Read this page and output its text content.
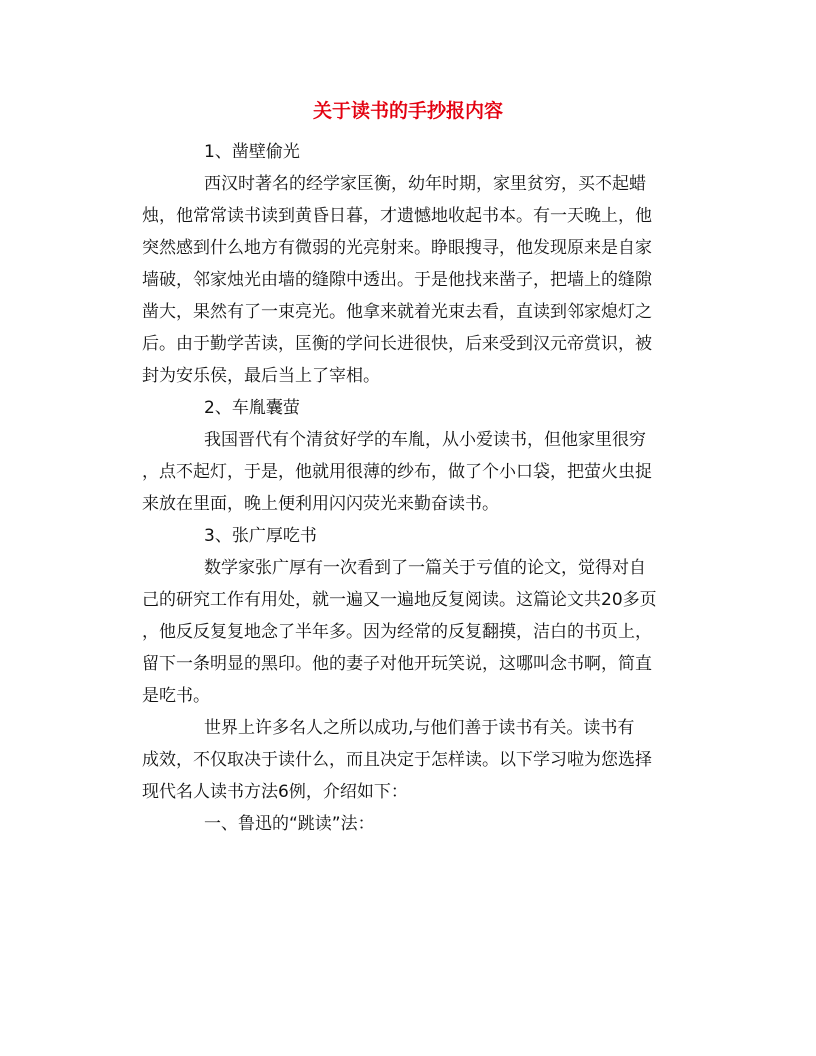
关于读书的手抄报内容
1、凿壁偷光
西汉时著名的经学家匡衡，幼年时期，家里贫穷，买不起蜡
烛，他常常读书读到黄昏日暮，才遗憾地收起书本。有一天晚上，他
突然感到什么地方有微弱的光亮射来。睁眼搜寻，他发现原来是自家
墙破，邻家烛光由墙的缝隙中透出。于是他找来凿子，把墙上的缝隙
凿大，果然有了一束亮光。他拿来就着光束去看，直读到邻家熄灯之
后。由于勤学苦读，匡衡的学问长进很快，后来受到汉元帝赏识，被
封为安乐侯，最后当上了宰相。
2、车胤囊萤
我国晋代有个清贫好学的车胤，从小爱读书，但他家里很穷
，点不起灯，于是，他就用很薄的纱布，做了个小口袋，把萤火虫捉
来放在里面，晚上便利用闪闪荧光来勤奋读书。
3、张广厚吃书
数学家张广厚有一次看到了一篇关于亏值的论文，觉得对自
己的研究工作有用处，就一遍又一遍地反复阅读。这篇论文共20多页
，他反反复复地念了半年多。因为经常的反复翻摸，洁白的书页上，
留下一条明显的黑印。他的妻子对他开玩笑说，这哪叫念书啊，简直
是吃书。
世界上许多名人之所以成功,与他们善于读书有关。读书有
成效，不仅取决于读什么，而且决定于怎样读。以下学习啦为您选择
现代名人读书方法6例，介绍如下：
一、鲁迅的“跳读”法：
